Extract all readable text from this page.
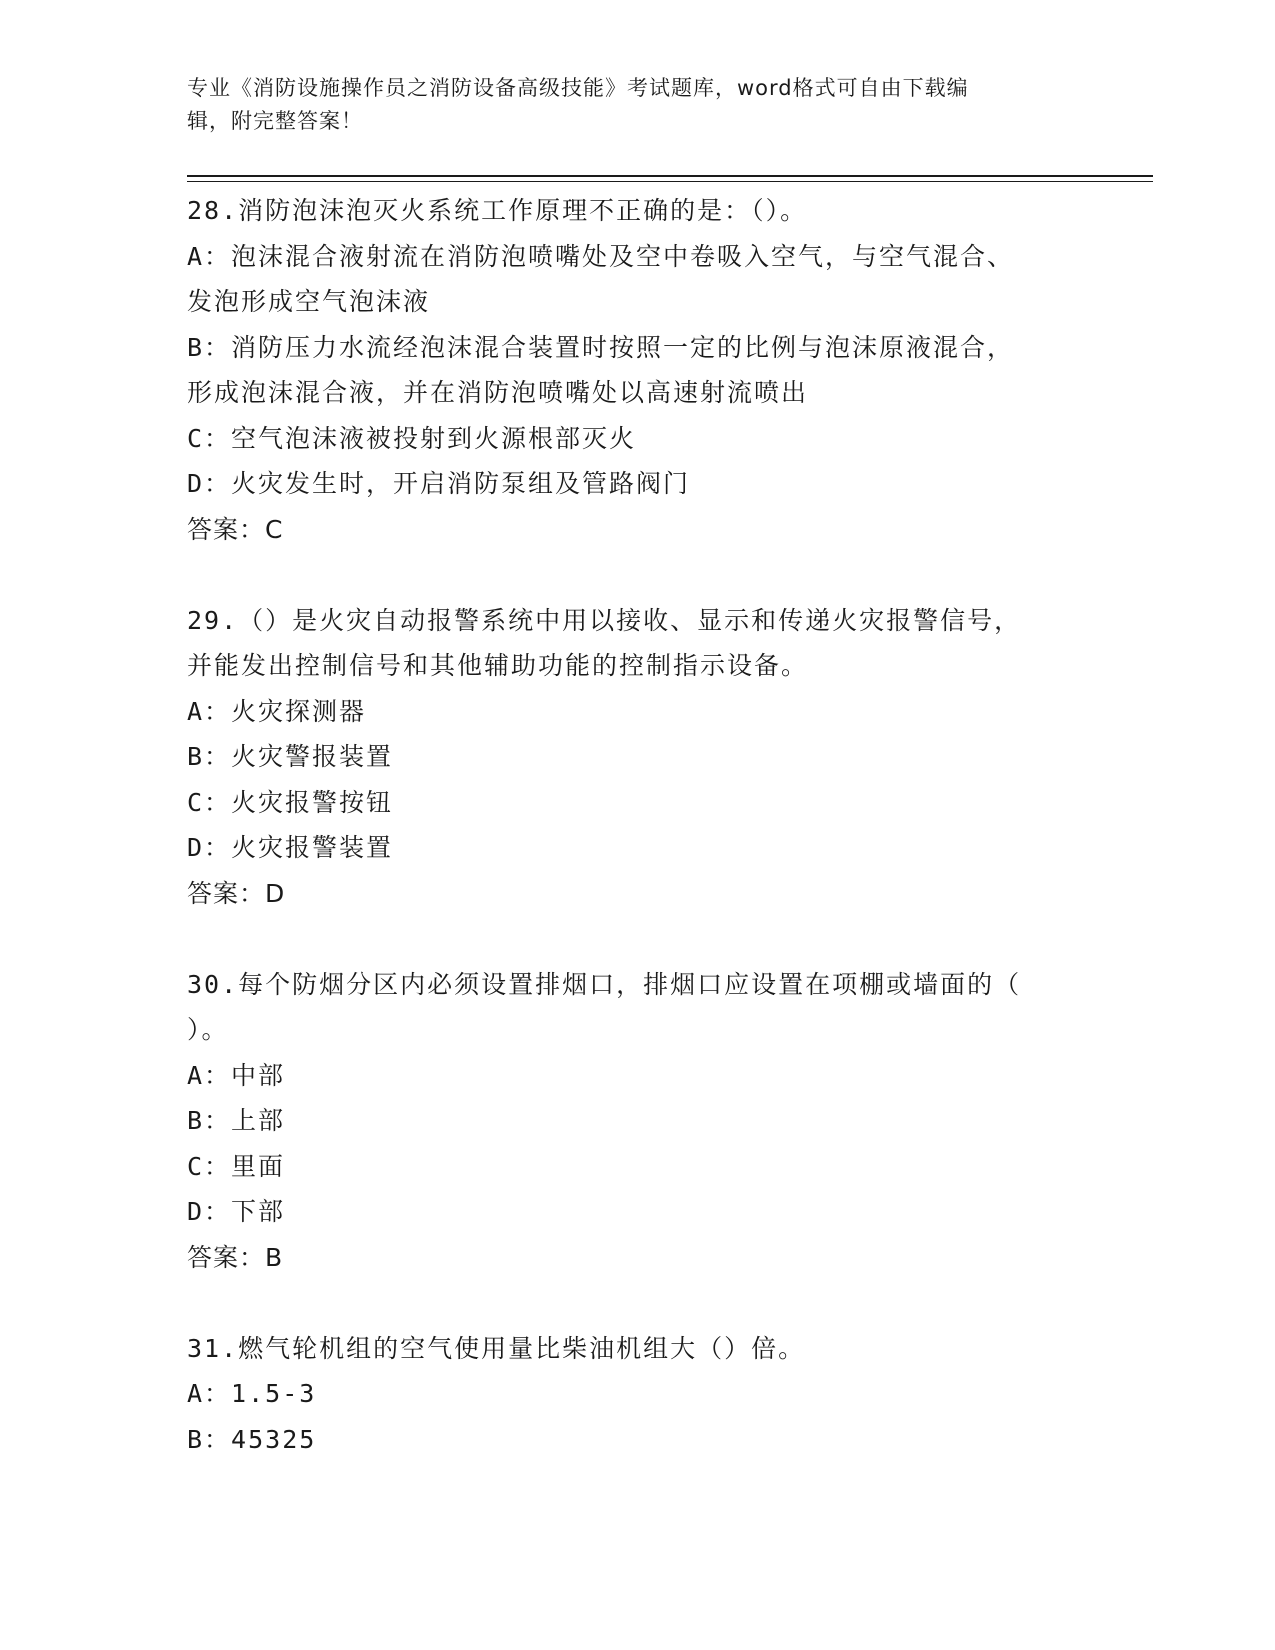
专业《消防设施操作员之消防设备高级技能》考试题库，word格式可自由下载编
辑，附完整答案！
28.消防泡沫泡灭火系统工作原理不正确的是：（）。
A：泡沫混合液射流在消防泡喷嘴处及空中卷吸入空气，与空气混合、
发泡形成空气泡沫液
B：消防压力水流经泡沫混合装置时按照一定的比例与泡沫原液混合，
形成泡沫混合液，并在消防泡喷嘴处以高速射流喷出
C：空气泡沫液被投射到火源根部灭火
D：火灾发生时，开启消防泵组及管路阀门
答案：C
29.（）是火灾自动报警系统中用以接收、显示和传递火灾报警信号，
并能发出控制信号和其他辅助功能的控制指示设备。
A：火灾探测器
B：火灾警报装置
C：火灾报警按钮
D：火灾报警装置
答案：D
30.每个防烟分区内必须设置排烟口，排烟口应设置在项棚或墙面的（
）。
A：中部
B：上部
C：里面
D：下部
答案：B
31.燃气轮机组的空气使用量比柴油机组大（）倍。
A：1.5-3
B：45325
